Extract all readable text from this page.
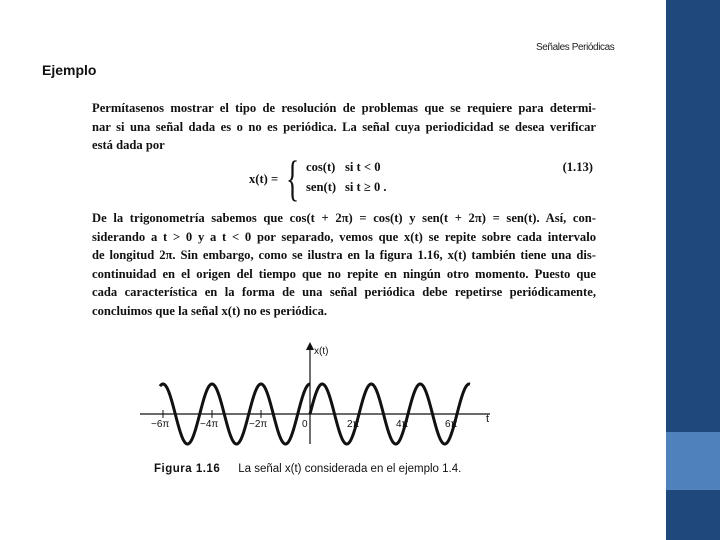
Señales Periódicas
Ejemplo

Permítasenos mostrar el tipo de resolución de problemas que se requiere para determi-
nar si una señal dada es o no es periódica. La señal cuya periodicidad se desea verificar
está dada por

x(t) = { cos(t) si t < 0
sen(t) si t ≥ 0 .
(1.13)

De la trigonometría sabemos que cos(t + 2π) = cos(t) y sen(t + 2π) = sen(t). Así, con-
siderando a t > 0 y a t < 0 por separado, vemos que x(t) se repite sobre cada intervalo
de longitud 2π. Sin embargo, como se ilustra en la figura 1.16, x(t) también tiene una dis-
continuidad en el origen del tiempo que no repite en ningún otro momento. Puesto que
cada característica en la forma de una señal periódica debe repetirse periódicamente,
concluimos que la señal x(t) no es periódica.

x(t)
t
−6π	−4π	−2π	0	2π	4π	6π
Figura 1.16 La señal x(t) considerada en el ejemplo 1.4.
